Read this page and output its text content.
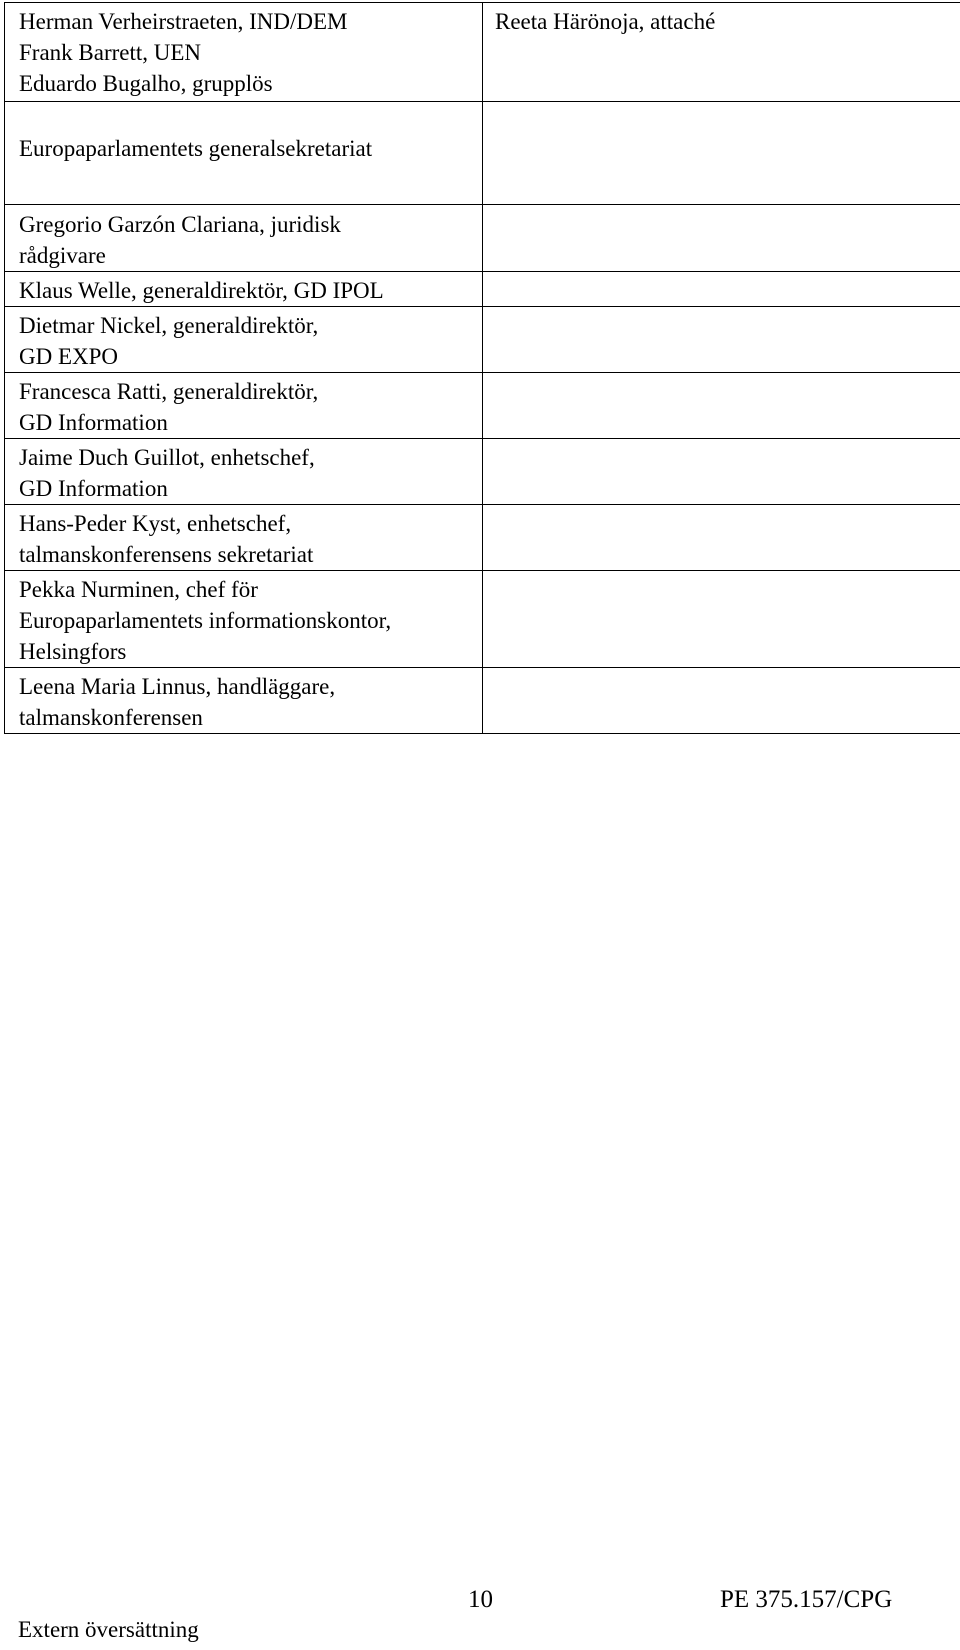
Herman Verheirstraeten, IND/DEM
Frank Barrett, UEN
Eduardo Bugalho, grupplös	Reeta Härönoja, attaché

Europaparlamentets generalsekretariat	

Gregorio Garzón Clariana, juridisk
rådgivare	

Klaus Welle, generaldirektör, GD IPOL	

Dietmar Nickel, generaldirektör,
GD EXPO	

Francesca Ratti, generaldirektör,
GD Information	

Jaime Duch Guillot, enhetschef,
GD Information	

Hans-Peder Kyst, enhetschef,
talmanskonferensens sekretariat	

Pekka Nurminen, chef för
Europaparlamentets informationskontor,
Helsingfors	

Leena Maria Linnus, handläggare,
talmanskonferensen	

10	PE 375.157/CPG
Extern översättning
